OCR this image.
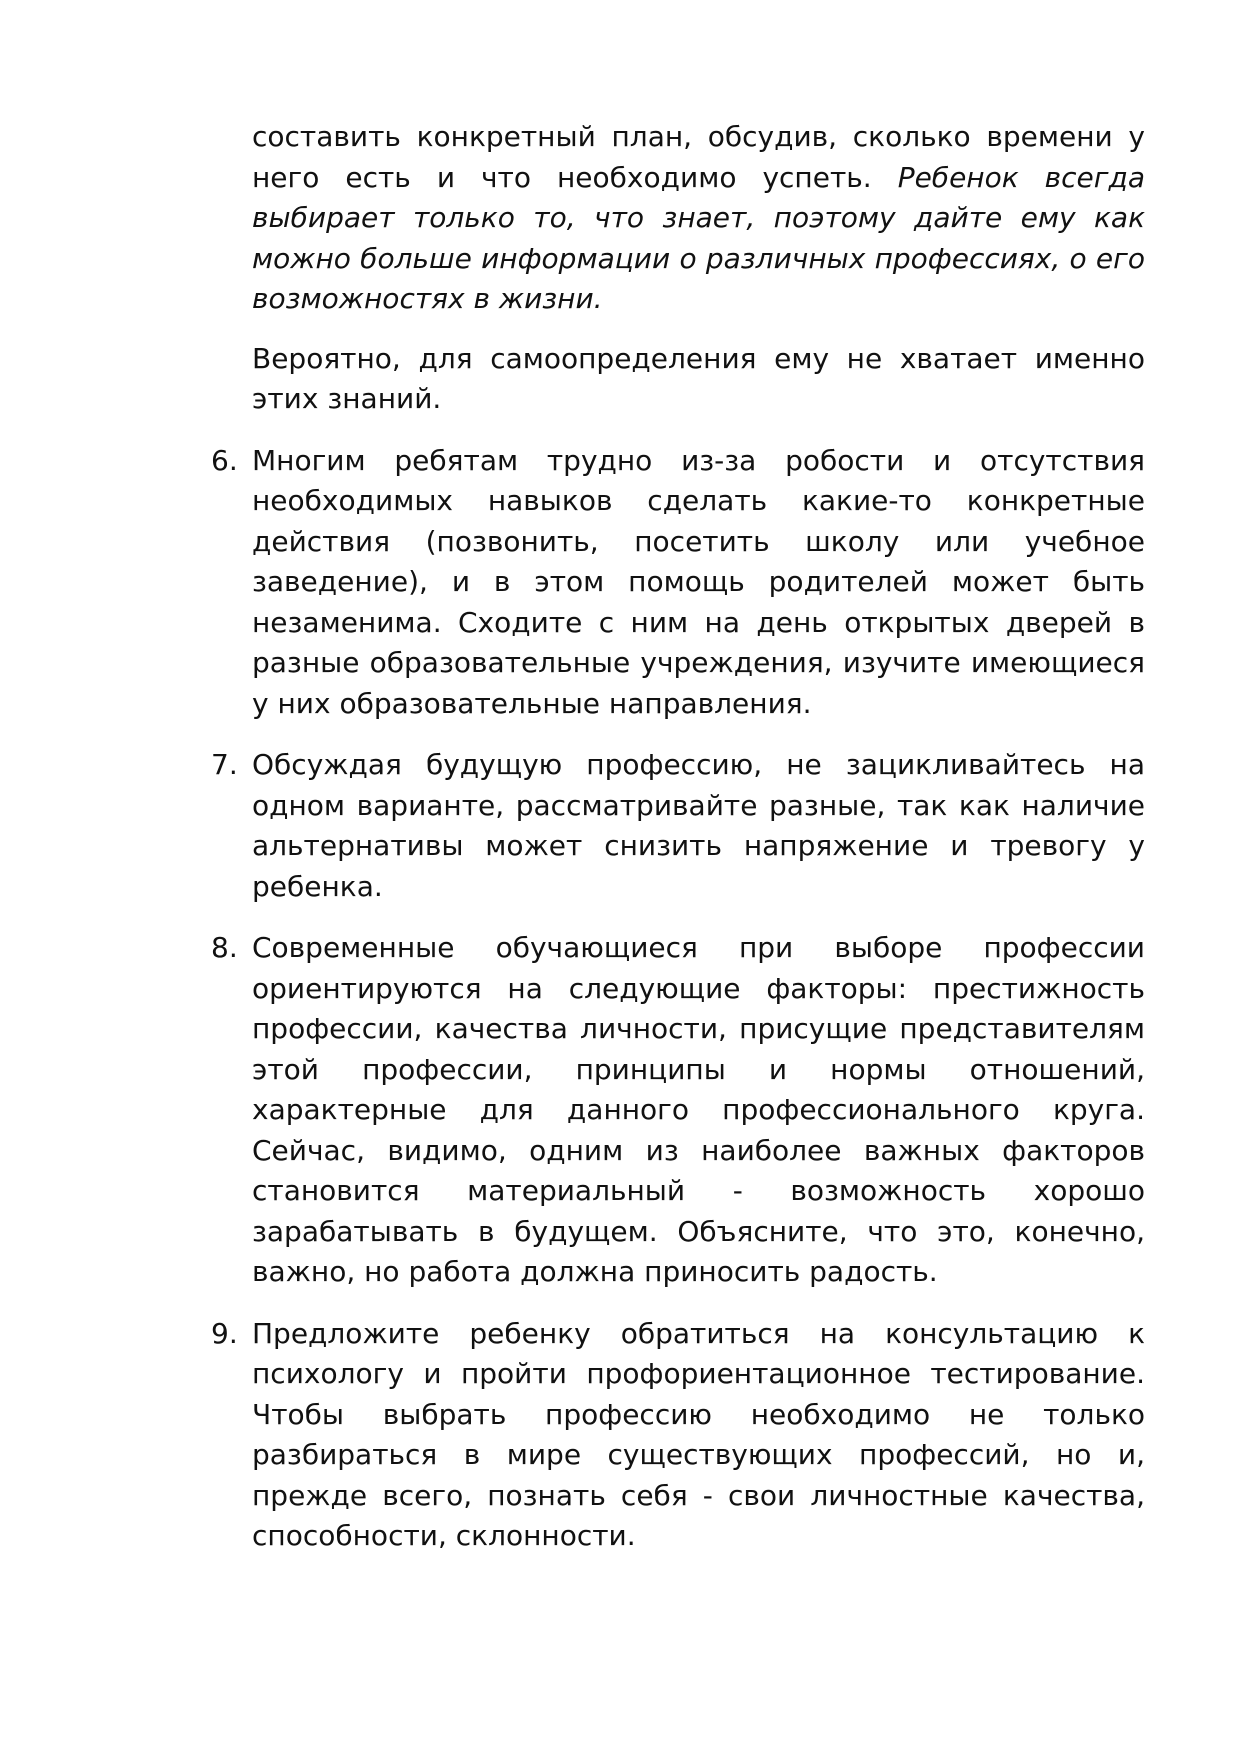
составить конкретный план, обсудив, сколько времени у него есть и что необходимо успеть. Ребенок всегда выбирает только то, что знает, поэтому дайте ему как можно больше информации о различных профессиях, о его возможностях в жизни.

Вероятно, для самоопределения ему не хватает именно этих знаний.

6. Многим ребятам трудно из-за робости и отсутствия необходимых навыков сделать какие-то конкретные действия (позвонить, посетить школу или учебное заведение), и в этом помощь родителей может быть незаменима. Сходите с ним на день открытых дверей в разные образовательные учреждения, изучите имеющиеся у них образовательные направления.

7. Обсуждая будущую профессию, не зацикливайтесь на одном варианте, рассматривайте разные, так как наличие альтернативы может снизить напряжение и тревогу у ребенка.

8. Современные обучающиеся при выборе профессии ориентируются на следующие факторы: престижность профессии, качества личности, присущие представителям этой профессии, принципы и нормы отношений, характерные для данного профессионального круга. Сейчас, видимо, одним из наиболее важных факторов становится материальный - возможность хорошо зарабатывать в будущем. Объясните, что это, конечно, важно, но работа должна приносить радость.

9. Предложите ребенку обратиться на консультацию к психологу и пройти профориентационное тестирование. Чтобы выбрать профессию необходимо не только разбираться в мире существующих профессий, но и, прежде всего, познать себя - свои личностные качества, способности, склонности.
